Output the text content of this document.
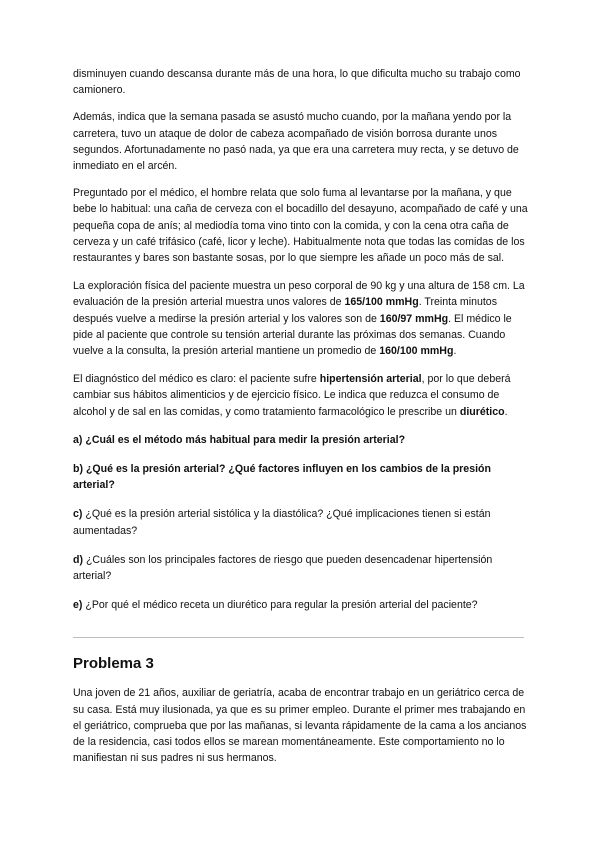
disminuyen cuando descansa durante más de una hora, lo que dificulta mucho su trabajo como camionero.

Además, indica que la semana pasada se asustó mucho cuando, por la mañana yendo por la carretera, tuvo un ataque de dolor de cabeza acompañado de visión borrosa durante unos segundos. Afortunadamente no pasó nada, ya que era una carretera muy recta, y se detuvo de inmediato en el arcén.

Preguntado por el médico, el hombre relata que solo fuma al levantarse por la mañana, y que bebe lo habitual: una caña de cerveza con el bocadillo del desayuno, acompañado de café y una pequeña copa de anís; al mediodía toma vino tinto con la comida, y con la cena otra caña de cerveza y un café trifásico (café, licor y leche). Habitualmente nota que todas las comidas de los restaurantes y bares son bastante sosas, por lo que siempre les añade un poco más de sal.

La exploración física del paciente muestra un peso corporal de 90 kg y una altura de 158 cm. La evaluación de la presión arterial muestra unos valores de 165/100 mmHg. Treinta minutos después vuelve a medirse la presión arterial y los valores son de 160/97 mmHg. El médico le pide al paciente que controle su tensión arterial durante las próximas dos semanas. Cuando vuelve a la consulta, la presión arterial mantiene un promedio de 160/100 mmHg.

El diagnóstico del médico es claro: el paciente sufre hipertensión arterial, por lo que deberá cambiar sus hábitos alimenticios y de ejercicio físico. Le indica que reduzca el consumo de alcohol y de sal en las comidas, y como tratamiento farmacológico le prescribe un diurético.

a) ¿Cuál es el método más habitual para medir la presión arterial?

b) ¿Qué es la presión arterial? ¿Qué factores influyen en los cambios de la presión arterial?

c) ¿Qué es la presión arterial sistólica y la diastólica? ¿Qué implicaciones tienen si están aumentadas?

d) ¿Cuáles son los principales factores de riesgo que pueden desencadenar hipertensión arterial?

e) ¿Por qué el médico receta un diurético para regular la presión arterial del paciente?

Problema 3

Una joven de 21 años, auxiliar de geriatría, acaba de encontrar trabajo en un geriátrico cerca de su casa. Está muy ilusionada, ya que es su primer empleo. Durante el primer mes trabajando en el geriátrico, comprueba que por las mañanas, si levanta rápidamente de la cama a los ancianos de la residencia, casi todos ellos se marean momentáneamente. Este comportamiento no lo manifiestan ni sus padres ni sus hermanos.
